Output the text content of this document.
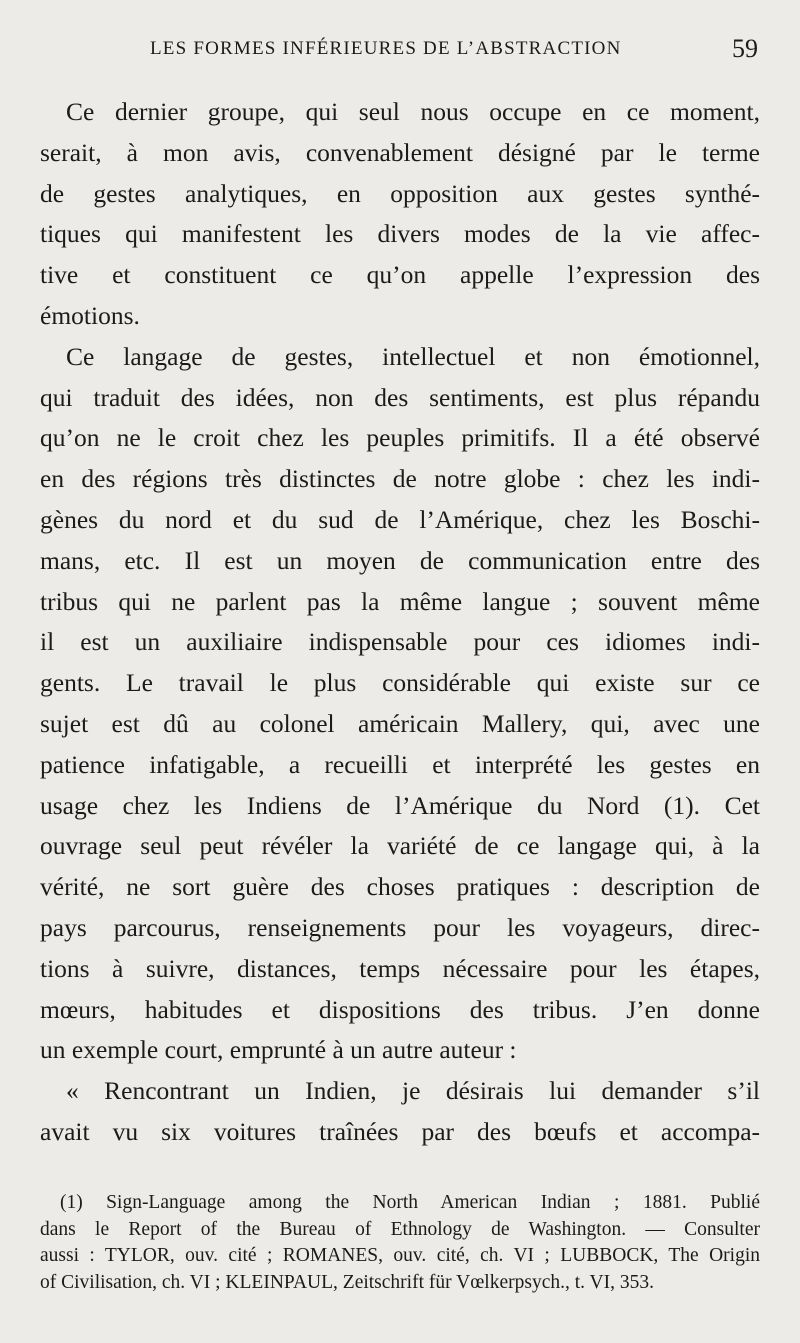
LES FORMES INFÉRIEURES DE L’ABSTRACTION	59
Ce dernier groupe, qui seul nous occupe en ce moment,
serait, à mon avis, convenablement désigné par le terme
de gestes analytiques, en opposition aux gestes synthé-
tiques qui manifestent les divers modes de la vie affec-
tive et constituent ce qu’on appelle l’expression des
émotions.
Ce langage de gestes, intellectuel et non émotionnel,
qui traduit des idées, non des sentiments, est plus répandu
qu’on ne le croit chez les peuples primitifs. Il a été observé
en des régions très distinctes de notre globe : chez les indi-
gènes du nord et du sud de l’Amérique, chez les Boschi-
mans, etc. Il est un moyen de communication entre des
tribus qui ne parlent pas la même langue ; souvent même
il est un auxiliaire indispensable pour ces idiomes indi-
gents. Le travail le plus considérable qui existe sur ce
sujet est dû au colonel américain Mallery, qui, avec une
patience infatigable, a recueilli et interprété les gestes en
usage chez les Indiens de l’Amérique du Nord (1). Cet
ouvrage seul peut révéler la variété de ce langage qui, à la
vérité, ne sort guère des choses pratiques : description de
pays parcourus, renseignements pour les voyageurs, direc-
tions à suivre, distances, temps nécessaire pour les étapes,
mœurs, habitudes et dispositions des tribus. J’en donne
un exemple court, emprunté à un autre auteur :
« Rencontrant un Indien, je désirais lui demander s’il
avait vu six voitures traînées par des bœufs et accompa-
(1) Sign-Language among the North American Indian ; 1881. Publié
dans le Report of the Bureau of Ethnology de Washington. — Consulter
aussi : TYLOR, ouv. cité ; ROMANES, ouv. cité, ch. VI ; LUBBOCK, The Origin
of Civilisation, ch. VI ; KLEINPAUL, Zeitschrift für Vœlkerpsych., t. VI, 353.
